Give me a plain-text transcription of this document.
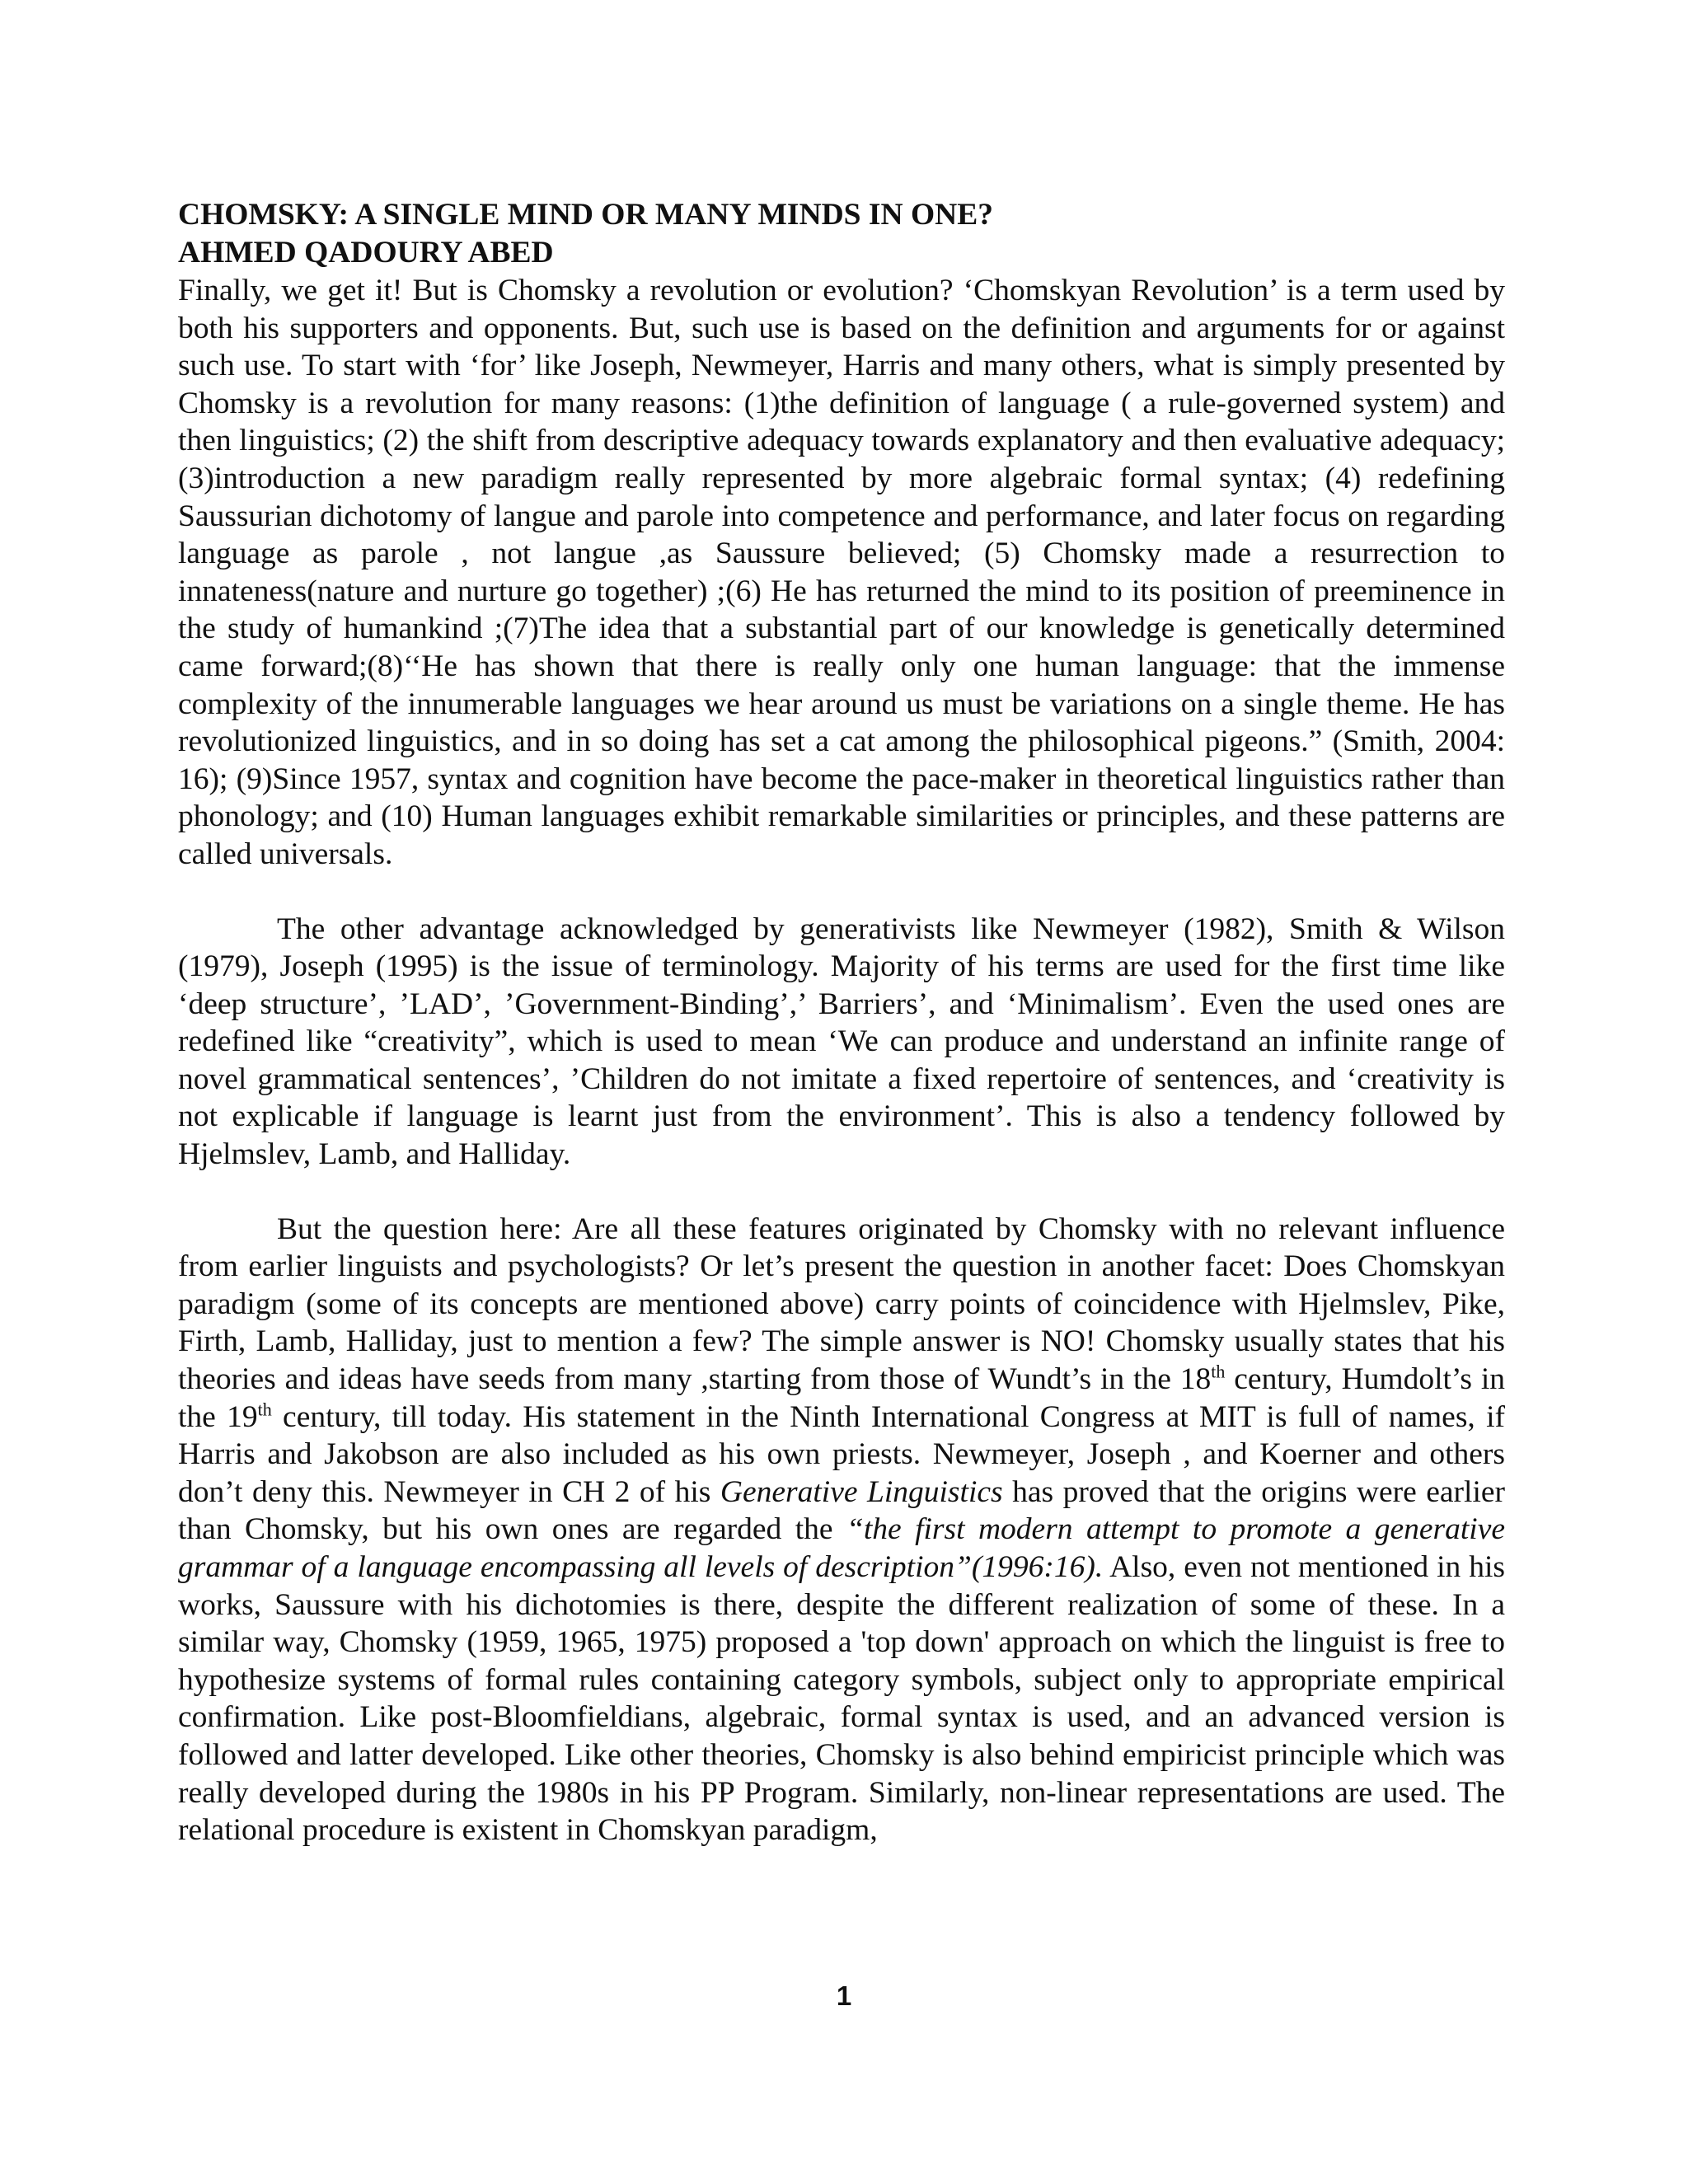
CHOMSKY: A SINGLE MIND OR MANY MINDS IN ONE?

AHMED QADOURY ABED

Finally, we get it! But is Chomsky a revolution or evolution? ‘Chomskyan Revolution’ is a term used by both his supporters and opponents. But, such use is based on the definition and arguments for or against such use. To start with ‘for’ like Joseph, Newmeyer, Harris and many others, what is simply presented by Chomsky is a revolution for many reasons: (1)the definition of language ( a rule-governed system) and then linguistics; (2) the shift from descriptive adequacy towards explanatory and then evaluative adequacy;(3)introduction a new paradigm really represented by more algebraic formal syntax; (4) redefining Saussurian dichotomy of langue and parole into competence and performance, and later focus on regarding language as parole , not langue ,as Saussure believed; (5) Chomsky made a resurrection to innateness(nature and nurture go together) ;(6) He has returned the mind to its position of preeminence in the study of humankind ;(7)The idea that a substantial part of our knowledge is genetically determined came forward;(8)‘‘He has shown that there is really only one human language: that the immense complexity of the innumerable languages we hear around us must be variations on a single theme. He has revolutionized linguistics, and in so doing has set a cat among the philosophical pigeons.” (Smith, 2004: 16); (9)Since 1957, syntax and cognition have become the pace-maker in theoretical linguistics rather than phonology; and (10) Human languages exhibit remarkable similarities or principles, and these patterns are called universals.

The other advantage acknowledged by generativists like Newmeyer (1982), Smith & Wilson (1979), Joseph (1995) is the issue of terminology. Majority of his terms are used for the first time like ‘deep structure’, ’LAD’, ’Government-Binding’,’ Barriers’, and ‘Minimalism’. Even the used ones are redefined like “creativity”, which is used to mean ‘We can produce and understand an infinite range of novel grammatical sentences’, ’Children do not imitate a fixed repertoire of sentences, and ‘creativity is not explicable if language is learnt just from the environment’. This is also a tendency followed by Hjelmslev, Lamb, and Halliday.

But the question here: Are all these features originated by Chomsky with no relevant influence from earlier linguists and psychologists? Or let’s present the question in another facet: Does Chomskyan paradigm (some of its concepts are mentioned above) carry points of coincidence with Hjelmslev, Pike, Firth, Lamb, Halliday, just to mention a few? The simple answer is NO! Chomsky usually states that his theories and ideas have seeds from many ,starting from those of Wundt’s in the 18th century, Humdolt’s in the 19th century, till today. His statement in the Ninth International Congress at MIT is full of names, if Harris and Jakobson are also included as his own priests. Newmeyer, Joseph , and Koerner and others don’t deny this. Newmeyer in CH 2 of his Generative Linguistics has proved that the origins were earlier than Chomsky, but his own ones are regarded the “the first modern attempt to promote a generative grammar of a language encompassing all levels of description”(1996:16). Also, even not mentioned in his works, Saussure with his dichotomies is there, despite the different realization of some of these. In a similar way, Chomsky (1959, 1965, 1975) proposed a 'top down' approach on which the linguist is free to hypothesize systems of formal rules containing category symbols, subject only to appropriate empirical confirmation. Like post-Bloomfieldians, algebraic, formal syntax is used, and an advanced version is followed and latter developed. Like other theories, Chomsky is also behind empiricist principle which was really developed during the 1980s in his PP Program. Similarly, non-linear representations are used. The relational procedure is existent in Chomskyan paradigm,

1
